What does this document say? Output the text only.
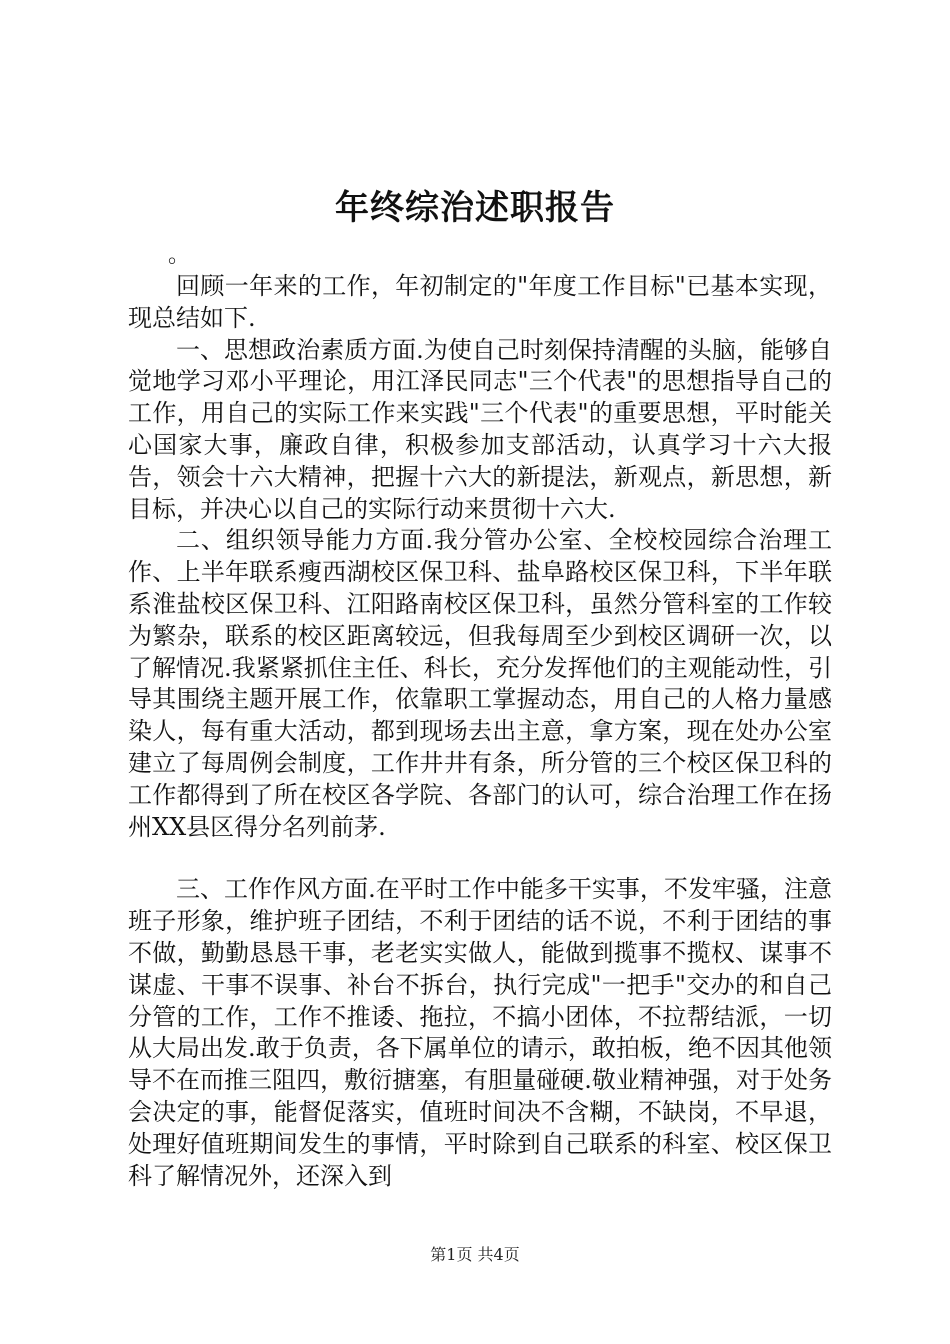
年终综治述职报告

。

回顾一年来的工作，年初制定的"年度工作目标"已基本实现，现总结如下.

一、思想政治素质方面.为使自己时刻保持清醒的头脑，能够自觉地学习邓小平理论，用江泽民同志"三个代表"的思想指导自己的工作，用自己的实际工作来实践"三个代表"的重要思想，平时能关心国家大事，廉政自律，积极参加支部活动，认真学习十六大报告，领会十六大精神，把握十六大的新提法，新观点，新思想，新目标，并决心以自己的实际行动来贯彻十六大.

二、组织领导能力方面.我分管办公室、全校校园综合治理工作、上半年联系瘦西湖校区保卫科、盐阜路校区保卫科，下半年联系淮盐校区保卫科、江阳路南校区保卫科，虽然分管科室的工作较为繁杂，联系的校区距离较远，但我每周至少到校区调研一次，以了解情况.我紧紧抓住主任、科长，充分发挥他们的主观能动性，引导其围绕主题开展工作，依靠职工掌握动态，用自己的人格力量感染人，每有重大活动，都到现场去出主意，拿方案，现在处办公室建立了每周例会制度，工作井井有条，所分管的三个校区保卫科的工作都得到了所在校区各学院、各部门的认可，综合治理工作在扬州XX县区得分名列前茅.

三、工作作风方面.在平时工作中能多干实事，不发牢骚，注意班子形象，维护班子团结，不利于团结的话不说，不利于团结的事不做，勤勤恳恳干事，老老实实做人，能做到揽事不揽权、谋事不谋虚、干事不误事、补台不拆台，执行完成"一把手"交办的和自己分管的工作，工作不推诿、拖拉，不搞小团体，不拉帮结派，一切从大局出发.敢于负责，各下属单位的请示，敢拍板，绝不因其他领导不在而推三阻四，敷衍搪塞，有胆量碰硬.敬业精神强，对于处务会决定的事，能督促落实，值班时间决不含糊，不缺岗，不早退，处理好值班期间发生的事情，平时除到自己联系的科室、校区保卫科了解情况外，还深入到

第1页 共4页
